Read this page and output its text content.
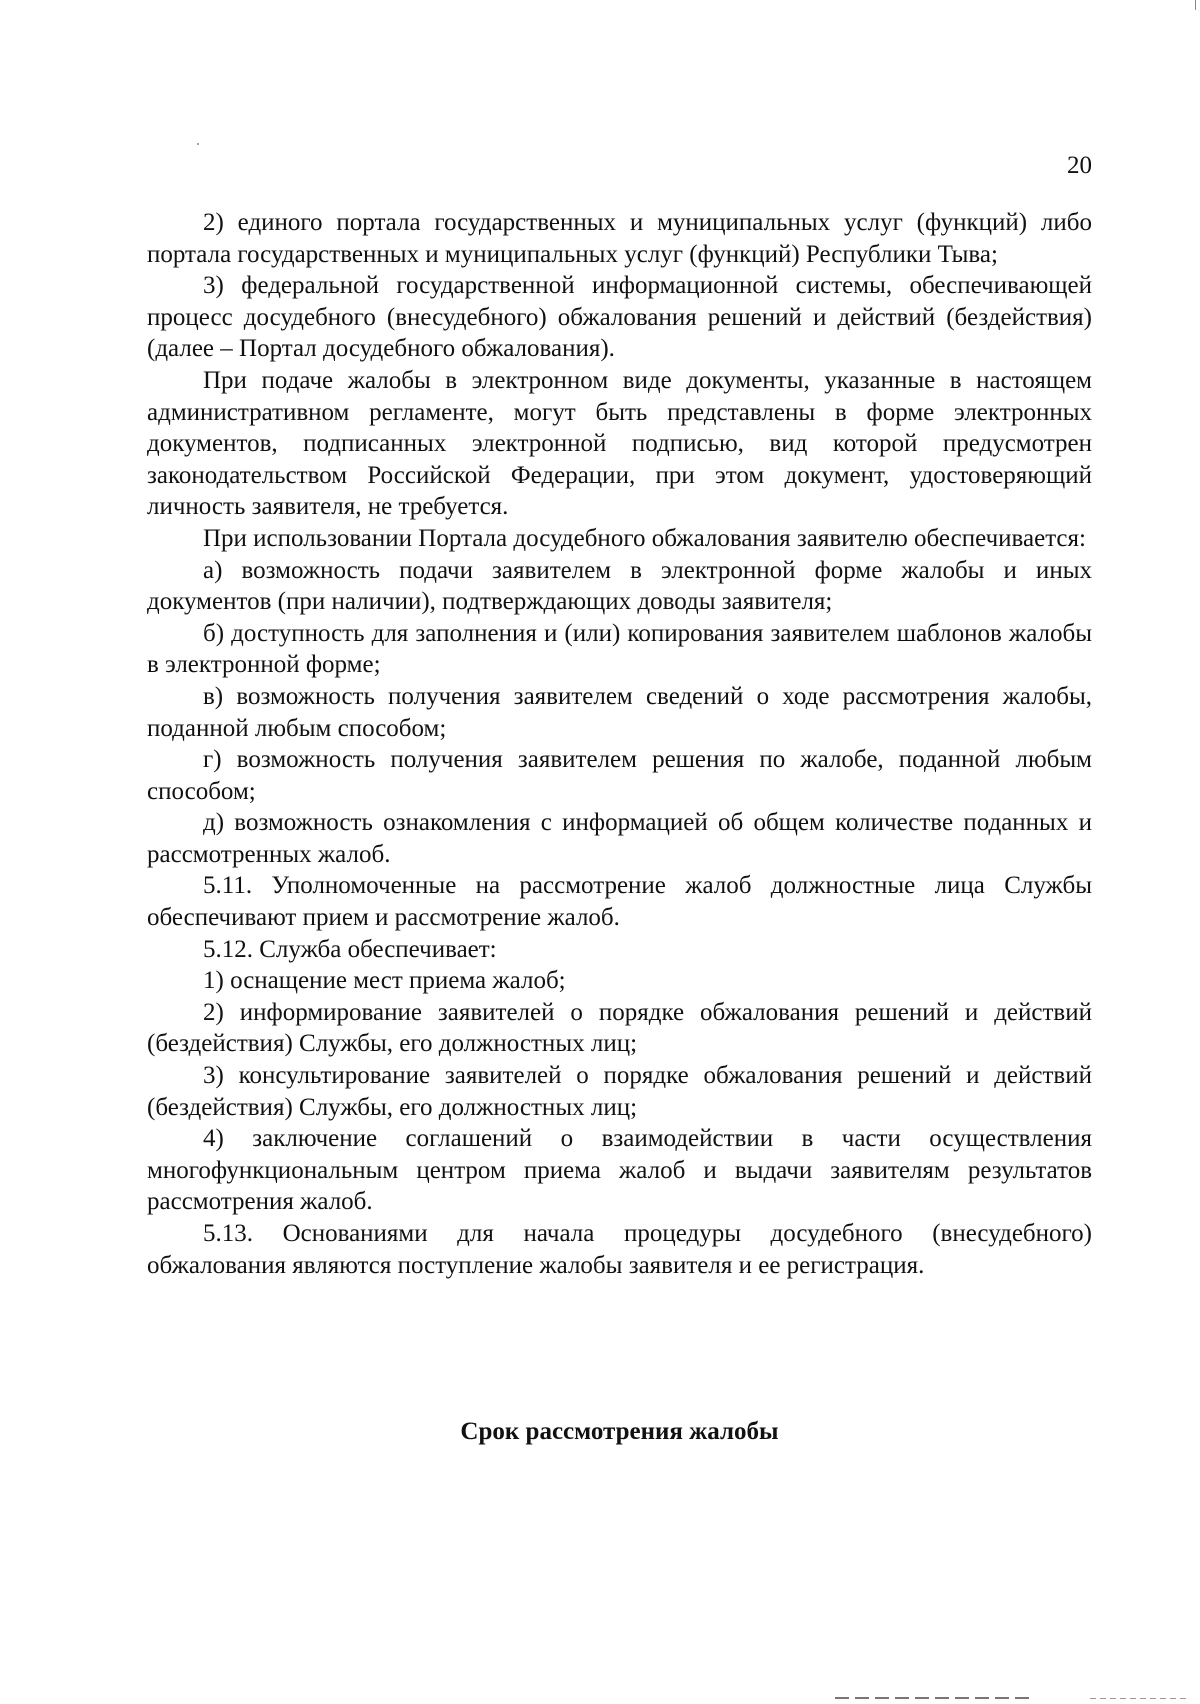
20

2) единого портала государственных и муниципальных услуг (функций) либо портала государственных и муниципальных услуг (функций) Республики Тыва;

3) федеральной государственной информационной системы, обеспечивающей процесс досудебного (внесудебного) обжалования решений и действий (бездействия) (далее – Портал досудебного обжалования).

При подаче жалобы в электронном виде документы, указанные в настоящем административном регламенте, могут быть представлены в форме электронных документов, подписанных электронной подписью, вид которой предусмотрен законодательством Российской Федерации, при этом документ, удостоверяющий личность заявителя, не требуется.

При использовании Портала досудебного обжалования заявителю обеспечивается:

а) возможность подачи заявителем в электронной форме жалобы и иных документов (при наличии), подтверждающих доводы заявителя;

б) доступность для заполнения и (или) копирования заявителем шаблонов жалобы в электронной форме;

в) возможность получения заявителем сведений о ходе рассмотрения жалобы, поданной любым способом;

г) возможность получения заявителем решения по жалобе, поданной любым способом;

д) возможность ознакомления с информацией об общем количестве поданных и рассмотренных жалоб.

5.11. Уполномоченные на рассмотрение жалоб должностные лица Службы обеспечивают прием и рассмотрение жалоб.

5.12. Служба обеспечивает:

1) оснащение мест приема жалоб;

2) информирование заявителей о порядке обжалования решений и действий (бездействия) Службы, его должностных лиц;

3) консультирование заявителей о порядке обжалования решений и действий (бездействия) Службы, его должностных лиц;

4) заключение соглашений о взаимодействии в части осуществления многофункциональным центром приема жалоб и выдачи заявителям результатов рассмотрения жалоб.

5.13. Основаниями для начала процедуры досудебного (внесудебного) обжалования являются поступление жалобы заявителя и ее регистрация.

Срок рассмотрения жалобы
